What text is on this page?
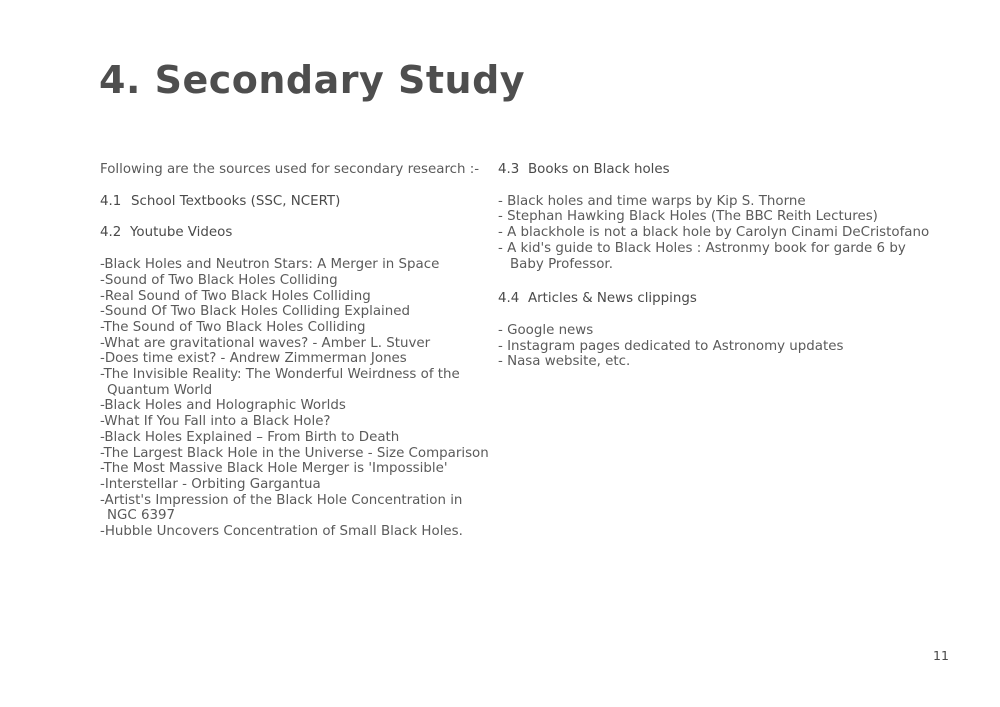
4. Secondary Study
Following are the sources used for secondary research :-
4.1 School Textbooks (SSC, NCERT)
4.2 Youtube Videos
-Black Holes and Neutron Stars: A Merger in Space
-Sound of Two Black Holes Colliding
-Real Sound of Two Black Holes Colliding
-Sound Of Two Black Holes Colliding Explained
-The Sound of Two Black Holes Colliding
-What are gravitational waves? - Amber L. Stuver
-Does time exist? - Andrew Zimmerman Jones
-The Invisible Reality: The Wonderful Weirdness of the
Quantum World
-Black Holes and Holographic Worlds
-What If You Fall into a Black Hole?
-Black Holes Explained – From Birth to Death
-The Largest Black Hole in the Universe - Size Comparison
-The Most Massive Black Hole Merger is 'Impossible'
-Interstellar - Orbiting Gargantua
-Artist's Impression of the Black Hole Concentration in
NGC 6397
-Hubble Uncovers Concentration of Small Black Holes.
4.3 Books on Black holes
- Black holes and time warps by Kip S. Thorne
- Stephan Hawking Black Holes (The BBC Reith Lectures)
- A blackhole is not a black hole by Carolyn Cinami DeCristofano
- A kid's guide to Black Holes : Astronmy book for garde 6 by
Baby Professor.
4.4 Articles & News clippings
- Google news
- Instagram pages dedicated to Astronomy updates
- Nasa website, etc.
11
